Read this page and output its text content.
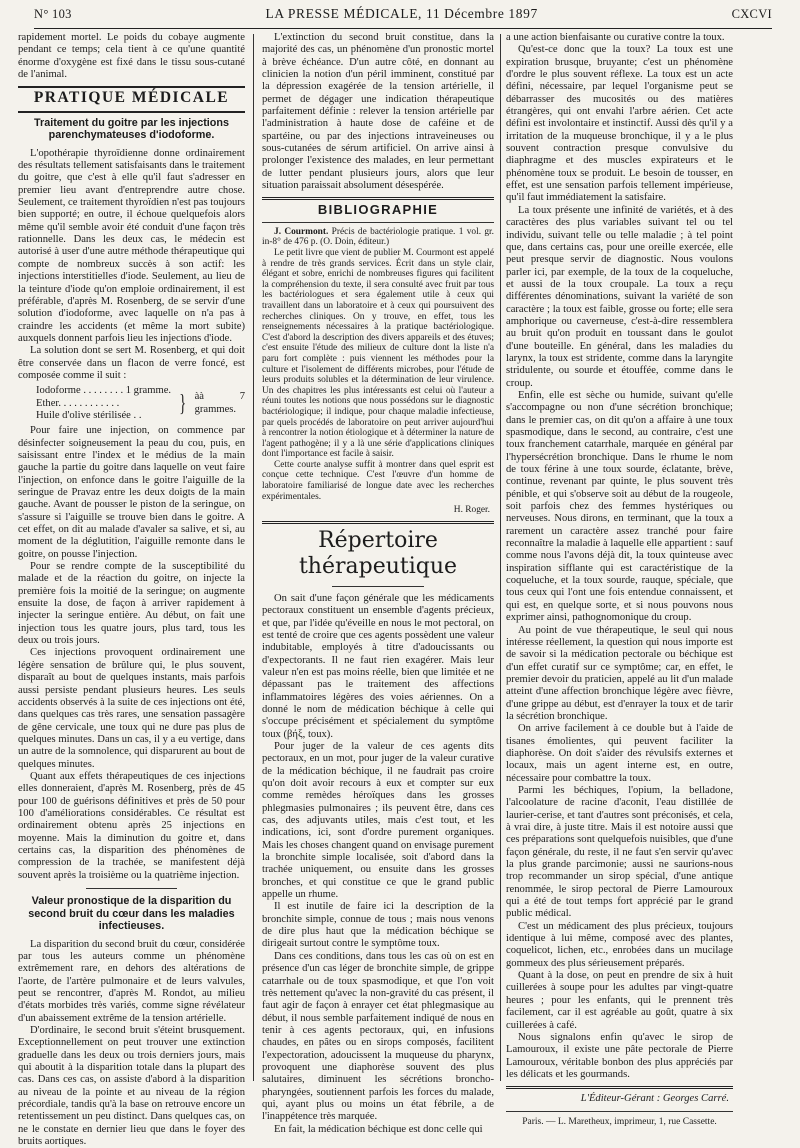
N° 103	LA PRESSE MÉDICALE, 11 Décembre 1897	CXCVI

rapidement mortel. Le poids du cobaye augmente pendant ce temps; cela tient à ce qu'une quantité énorme d'oxygène est fixé dans le tissu sous-cutané de l'animal.

PRATIQUE MÉDICALE
Traitement du goitre par les injections parenchymateuses d'iodoforme.

L'opothérapie thyroïdienne donne ordinairement des résultats tellement satisfaisants dans le traitement du goitre, que c'est à elle qu'il faut s'adresser en premier lieu avant d'entreprendre autre chose. Seulement, ce traitement thyroïdien n'est pas toujours bien supporté; en outre, il échoue quelquefois alors même qu'il semble avoir été conduit d'une façon très rationnelle. Dans les deux cas, le médecin est autorisé à user d'une autre méthode thérapeutique qui compte de nombreux succès à son actif: les injections interstitielles d'iode. Seulement, au lieu de la teinture d'iode qu'on emploie ordinairement, il est préférable, d'après M. Rosenberg, de se servir d'une solution d'iodoforme, avec laquelle on n'a pas à craindre les accidents (et même la mort subite) auxquels donnent parfois lieu les injections d'iode.

La solution dont se sert M. Rosenberg, et qui doit être conservée dans un flacon de verre foncé, est composée comme il suit :

Iodoforme . . . . . . . . 1 gramme.
Ether. . . . . . . . . . . .
Huile d'olive stérilisée . .	} àà 7 grammes.

Pour faire une injection, on commence par désinfecter soigneusement la peau du cou, puis, en saisissant entre l'index et le médius de la main gauche la partie du goitre dans laquelle on veut faire l'injection, on enfonce dans le goitre l'aiguille de la seringue de Pravaz entre les deux doigts de la main gauche. Avant de pousser le piston de la seringue, on s'assure si l'aiguille se trouve bien dans le goitre. A cet effet, on dit au malade d'avaler sa salive, et si, au moment de la déglutition, l'aiguille remonte dans le goitre, on pousse l'injection.

Pour se rendre compte de la susceptibilité du malade et de la réaction du goitre, on injecte la première fois la moitié de la seringue; on augmente ensuite la dose, de façon à arriver rapidement à injecter la seringue entière. Au début, on fait une injection tous les quatre jours, plus tard, tous les deux ou trois jours.

Ces injections provoquent ordinairement une légère sensation de brûlure qui, le plus souvent, disparaît au bout de quelques instants, mais parfois aussi persiste pendant plusieurs heures. Les seuls accidents observés à la suite de ces injections ont été, dans quelques cas très rares, une sensation passagère de gêne cervicale, une toux qui ne dure pas plus de quelques minutes. Dans un cas, il y a eu vertige, dans un autre de la somnolence, qui disparurent au bout de quelques minutes.

Quant aux effets thérapeutiques de ces injections elles donneraient, d'après M. Rosenberg, près de 45 pour 100 de guérisons définitives et près de 50 pour 100 d'améliorations considérables. Ce résultat est ordinairement obtenu après 25 injections en moyenne. Mais la diminution du goitre et, dans certains cas, la disparition des phénomènes de compression de la trachée, se manifestent déjà souvent après la troisième ou la quatrième injection.

Valeur pronostique de la disparition du second bruit du cœur dans les maladies infectieuses.

La disparition du second bruit du cœur, considérée par tous les auteurs comme un phénomène extrêmement rare, en dehors des altérations de l'aorte, de l'artère pulmonaire et de leurs valvules, peut se rencontrer, d'après M. Rondot, au milieu d'états morbides très variés, comme signe révélateur d'un abaissement extrême de la tension artérielle.

D'ordinaire, le second bruit s'éteint brusquement. Exceptionnellement on peut trouver une extinction graduelle dans les deux ou trois derniers jours, mais qui aboutit à la disparition totale dans la plupart des cas. Dans ces cas, on assiste d'abord à la disparition au niveau de la pointe et au niveau de la région précordiale, tandis qu'à la base on retrouve encore un retentissement un peu distinct. Dans quelques cas, on ne le constate en dernier lieu que dans le foyer des bruits aortiques.

L'extinction du second bruit constitue, dans la majorité des cas, un phénomène d'un pronostic mortel à brève échéance. D'un autre côté, en donnant au clinicien la notion d'un péril imminent, constitué par la dépression exagérée de la tension artérielle, il permet de dégager une indication thérapeutique parfaitement définie : relever la tension artérielle par l'administration à haute dose de caféine et de spartéine, ou par des injections intraveineuses ou sous-cutanées de sérum artificiel. On arrive ainsi à prolonger l'existence des malades, en leur permettant de lutter pendant plusieurs jours, alors que leur situation paraissait absolument désespérée.

BIBLIOGRAPHIE

J. Courmont. Précis de bactériologie pratique. 1 vol. gr. in-8° de 476 p. (O. Doin, éditeur.)

Le petit livre que vient de publier M. Courmont est appelé à rendre de très grands services. Écrit dans un style clair, élégant et sobre, enrichi de nombreuses figures qui facilitent la compréhension du texte, il sera consulté avec fruit par tous les bactériologues et sera également utile à ceux qui travaillent dans un laboratoire et à ceux qui poursuivent des recherches cliniques. On y trouve, en effet, tous les renseignements nécessaires à la pratique bactériologique. C'est d'abord la description des divers appareils et des étuves; c'est ensuite l'étude des milieux de culture dont la liste n'a paru fort complète : puis viennent les méthodes pour la culture et l'isolement de différents microbes, pour l'étude de leurs produits solubles et la détermination de leur virulence. Un des chapitres les plus intéressants est celui où l'auteur a réuni toutes les notions que nous possédons sur le diagnostic bactériologique; il indique, pour chaque maladie infectieuse, par quels procédés de laboratoire on peut arriver aujourd'hui à rencontrer la notion étiologique et à déterminer la nature de l'agent pathogène; il y a là une série d'applications cliniques dont l'importance est facile à saisir.

Cette courte analyse suffit à montrer dans quel esprit est conçue cette technique. C'est l'œuvre d'un homme de laboratoire familiarisé de longue date avec les recherches expérimentales.

H. Roger.
Répertoire thérapeutique

On sait d'une façon générale que les médicaments pectoraux constituent un ensemble d'agents précieux, et que, par l'idée qu'éveille en nous le mot pectoral, on est tenté de croire que ces agents possèdent une valeur indubitable, employés à titre d'adoucissants ou d'expectorants. Il ne faut rien exagérer. Mais leur valeur n'en est pas moins réelle, bien que limitée et ne dépassant pas le traitement des affections inflammatoires légères des voies aériennes. On a donné le nom de médication béchique à celle qui s'occupe précisément et spécialement du symptôme toux (βήξ, toux).

Pour juger de la valeur de ces agents dits pectoraux, en un mot, pour juger de la valeur curative de la médication béchique, il ne faudrait pas croire qu'on doit avoir recours à eux et compter sur eux comme remèdes héroïques dans les grosses phlegmasies pulmonaires ; ils peuvent être, dans ces cas, des adjuvants utiles, mais c'est tout, et les indications, ici, sont d'ordre purement organiques. Mais les choses changent quand on envisage purement la bronchite simple localisée, soit d'abord dans la trachée uniquement, ou ensuite dans les grosses bronches, et qui constitue ce que le grand public appelle un rhume.

Il est inutile de faire ici la description de la bronchite simple, connue de tous ; mais nous venons de dire plus haut que la médication béchique se dirigeait surtout contre le symptôme toux.

Dans ces conditions, dans tous les cas où on est en présence d'un cas léger de bronchite simple, de grippe catarrhale ou de toux spasmodique, et que l'on voit très nettement qu'avec la non-gravité du cas présent, il faut agir de façon à enrayer cet état phlegmasique au début, il nous semble parfaitement indiqué de nous en tenir à ces agents pectoraux, qui, en infusions chaudes, en pâtes ou en sirops composés, facilitent l'expectoration, adoucissent la muqueuse du pharynx, provoquent une diaphorèse souvent des plus salutaires, diminuent les sécrétions broncho-pharyngées, soutiennent parfois les forces du malade, qui, ayant plus ou moins un état fébrile, a de l'inappétence très marquée.

En fait, la médication béchique est donc celle qui

a une action bienfaisante ou curative contre la toux.

Qu'est-ce donc que la toux? La toux est une expiration brusque, bruyante; c'est un phénomène d'ordre le plus souvent réflexe. La toux est un acte défini, nécessaire, par lequel l'organisme peut se débarrasser des mucosités ou des matières étrangères, qui ont envahi l'arbre aérien. Cet acte défini est involontaire et instinctif. Aussi dès qu'il y a irritation de la muqueuse bronchique, il y a le plus souvent contraction presque convulsive du diaphragme et des muscles expirateurs et le phénomène toux se produit. Le besoin de tousser, en effet, est une sensation parfois tellement impérieuse, qu'il faut immédiatement la satisfaire.

La toux présente une infinité de variétés, et à des caractères des plus variables suivant tel ou tel individu, suivant telle ou telle maladie ; à tel point que, dans certains cas, pour une oreille exercée, elle peut presque servir de diagnostic. Nous voulons parler ici, par exemple, de la toux de la coqueluche, et aussi de la toux croupale. La toux a reçu différentes dénominations, suivant la variété de son caractère ; la toux est faible, grosse ou forte; elle sera amphorique ou caverneuse, c'est-à-dire ressemblera au bruit qu'on produit en toussant dans le goulot d'une bouteille. En général, dans les maladies du larynx, la toux est stridente, comme dans la laryngite stridulente, ou sourde et étouffée, comme dans le croup.

Enfin, elle est sèche ou humide, suivant qu'elle s'accompagne ou non d'une sécrétion bronchique; dans le premier cas, on dit qu'on a affaire à une toux spasmodique, dans le second, au contraire, c'est une toux franchement catarrhale, marquée en général par l'hypersécrétion bronchique. Dans le rhume le nom de toux férine à une toux sourde, éclatante, brève, continue, revenant par quinte, le plus souvent très pénible, et qui s'observe soit au début de la rougeole, soit parfois chez des femmes hystériques ou nerveuses. Nous dirons, en terminant, que la toux a rarement un caractère assez tranché pour faire reconnaître la maladie à laquelle elle appartient : sauf comme nous l'avons déjà dit, la toux quinteuse avec inspiration sifflante qui est caractéristique de la coqueluche, et la toux sourde, rauque, spéciale, que tous ceux qui l'ont une fois entendue connaissent, et qui est, en quelque sorte, et si nous pouvons nous exprimer ainsi, pathognomonique du croup.

Au point de vue thérapeutique, le seul qui nous intéresse réellement, la question qui nous importe est de savoir si la médication pectorale ou béchique est d'un effet curatif sur ce symptôme; car, en effet, le premier devoir du praticien, appelé au lit d'un malade atteint d'une affection bronchique légère avec fièvre, d'une grippe au début, est d'enrayer la toux et de tarir la sécrétion bronchique.

On arrive facilement à ce double but à l'aide de tisanes émolientes, qui peuvent faciliter la diaphorèse. On doit s'aider des révulsifs externes et locaux, mais un agent interne est, en outre, nécessaire pour combattre la toux.

Parmi les béchiques, l'opium, la belladone, l'alcoolature de racine d'aconit, l'eau distillée de laurier-cerise, et tant d'autres sont préconisés, et cela, à vrai dire, à juste titre. Mais il est notoire aussi que ces préparations sont quelquefois nuisibles, que d'une façon générale, du reste, il ne faut s'en servir qu'avec la plus grande parcimonie; aussi ne saurions-nous trop recommander un sirop spécial, d'une antique renommée, le sirop pectoral de Pierre Lamouroux qui a été de tout temps fort apprécié par le grand public médical.

C'est un médicament des plus précieux, toujours identique à lui même, composé avec des plantes, coquelicot, lichen, etc., enrobées dans un mucilage gommeux des plus sérieusement préparés.

Quant à la dose, on peut en prendre de six à huit cuillerées à soupe pour les adultes par vingt-quatre heures ; pour les enfants, qui le prennent très facilement, car il est agréable au goût, quatre à six cuillerées à café.

Nous signalons enfin qu'avec le sirop de Lamouroux, il existe une pâte pectorale de Pierre Lamouroux, véritable bonbon des plus appréciés par les délicats et les gourmands.

L'Éditeur-Gérant : Georges Carré.
Paris. — L. Maretheux, imprimeur, 1, rue Cassette.
